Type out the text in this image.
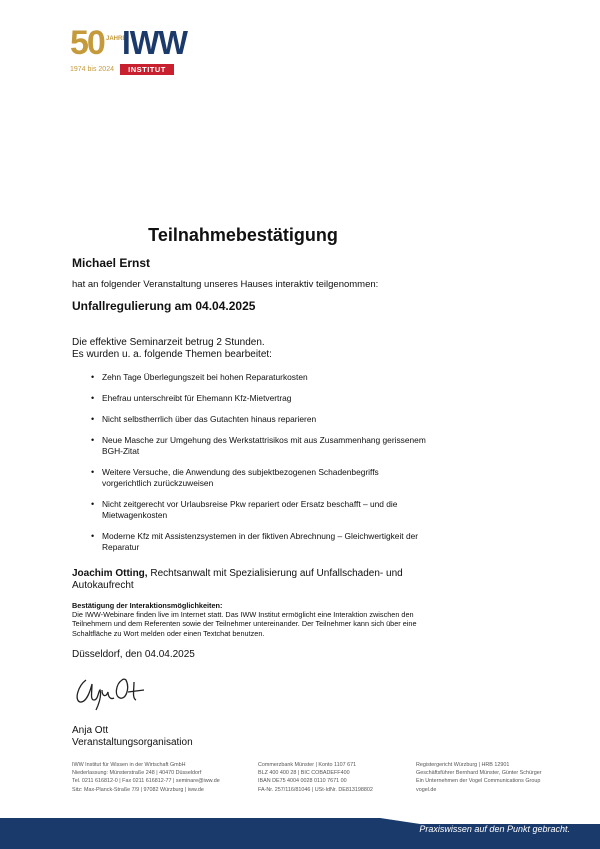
50 JAHRE
IWW
1974 bis 2024	INSTITUT
Teilnahmebestätigung
Michael Ernst
hat an folgender Veranstaltung unseres Hauses interaktiv teilgenommen:
Unfallregulierung am 04.04.2025
Die effektive Seminarzeit betrug 2 Stunden.
Es wurden u. a. folgende Themen bearbeitet:
• Zehn Tage Überlegungszeit bei hohen Reparaturkosten
• Ehefrau unterschreibt für Ehemann Kfz-Mietvertrag
• Nicht selbstherrlich über das Gutachten hinaus reparieren
• Neue Masche zur Umgehung des Werkstattrisikos mit aus Zusammenhang gerissenem BGH-Zitat
• Weitere Versuche, die Anwendung des subjektbezogenen Schadenbegriffs vorgerichtlich zurückzuweisen
• Nicht zeitgerecht vor Urlaubsreise Pkw repariert oder Ersatz beschafft – und die Mietwagenkosten
• Moderne Kfz mit Assistenzsystemen in der fiktiven Abrechnung – Gleichwertigkeit der Reparatur
Joachim Otting, Rechtsanwalt mit Spezialisierung auf Unfallschaden- und Autokaufrecht
Bestätigung der Interaktionsmöglichkeiten:
Die IWW-Webinare finden live im Internet statt. Das IWW Institut ermöglicht eine Interaktion zwischen den Teilnehmern und dem Referenten sowie der Teilnehmer untereinander. Der Teilnehmer kann sich über eine Schaltfläche zu Wort melden oder einen Textchat benutzen.
Düsseldorf, den 04.04.2025
Anja Ott
Veranstaltungsorganisation
IWW Institut für Wissen in der Wirtschaft GmbH
Niederlassung: Münsterstraße 248 | 40470 Düsseldorf
Tel. 0211 616812-0 | Fax 0211 616812-77 | seminare@iww.de
Sitz: Max-Planck-Straße 7/9 | 97082 Würzburg | iww.de
Commerzbank Münster | Konto 1107 671
BLZ 400 400 28 | BIC COBADEFF400
IBAN DE75 4004 0028 0110 7671 00
FA-Nr. 257/116/81046 | USt-IdNr. DE813198802
Registergericht Würzburg | HRB 12901
Geschäftsführer Bernhard Münster, Günter Schürger
Ein Unternehmen der Vogel Communications Group
vogel.de
Praxiswissen auf den Punkt gebracht.
